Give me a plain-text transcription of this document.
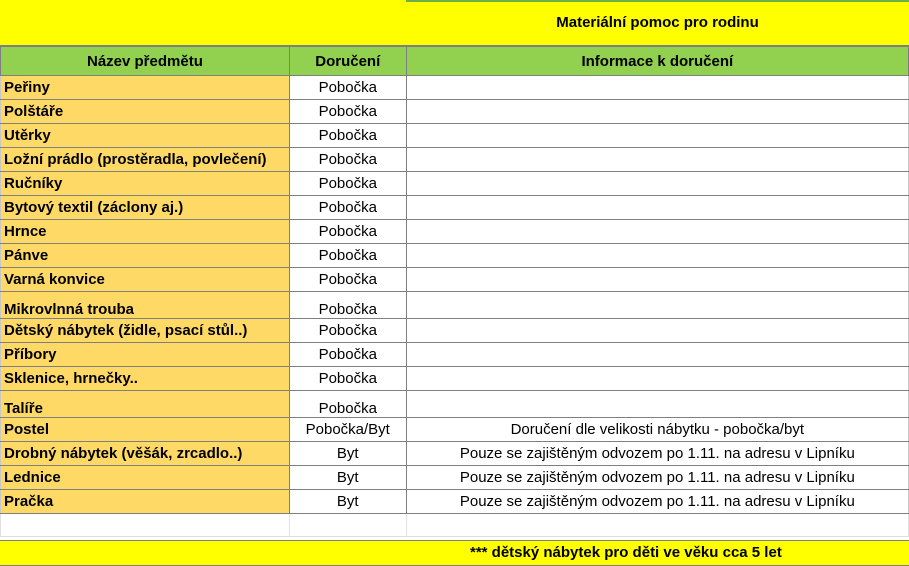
Materiální pomoc pro rodinu
Název předmětu	Doručení	Informace k doručení
Peřiny	Pobočka	
Polštáře	Pobočka	
Utěrky	Pobočka	
Ložní prádlo (prostěradla, povlečení)	Pobočka	
Ručníky	Pobočka	
Bytový textil (záclony aj.)	Pobočka	
Hrnce	Pobočka	
Pánve	Pobočka	
Varná konvice	Pobočka	
Mikrovlnná trouba	Pobočka	
Dětský nábytek (židle, psací stůl..)	Pobočka	
Příbory	Pobočka	
Sklenice, hrnečky..	Pobočka	
Talíře	Pobočka	
Postel	Pobočka/Byt	Doručení dle velikosti nábytku - pobočka/byt
Drobný nábytek (věšák, zrcadlo..)	Byt	Pouze se zajištěným odvozem po 1.11. na adresu v Lipníku
Lednice	Byt	Pouze se zajištěným odvozem po 1.11. na adresu v Lipníku
Pračka	Byt	Pouze se zajištěným odvozem po 1.11. na adresu v Lipníku

*** dětský nábytek pro děti ve věku cca 5 let
